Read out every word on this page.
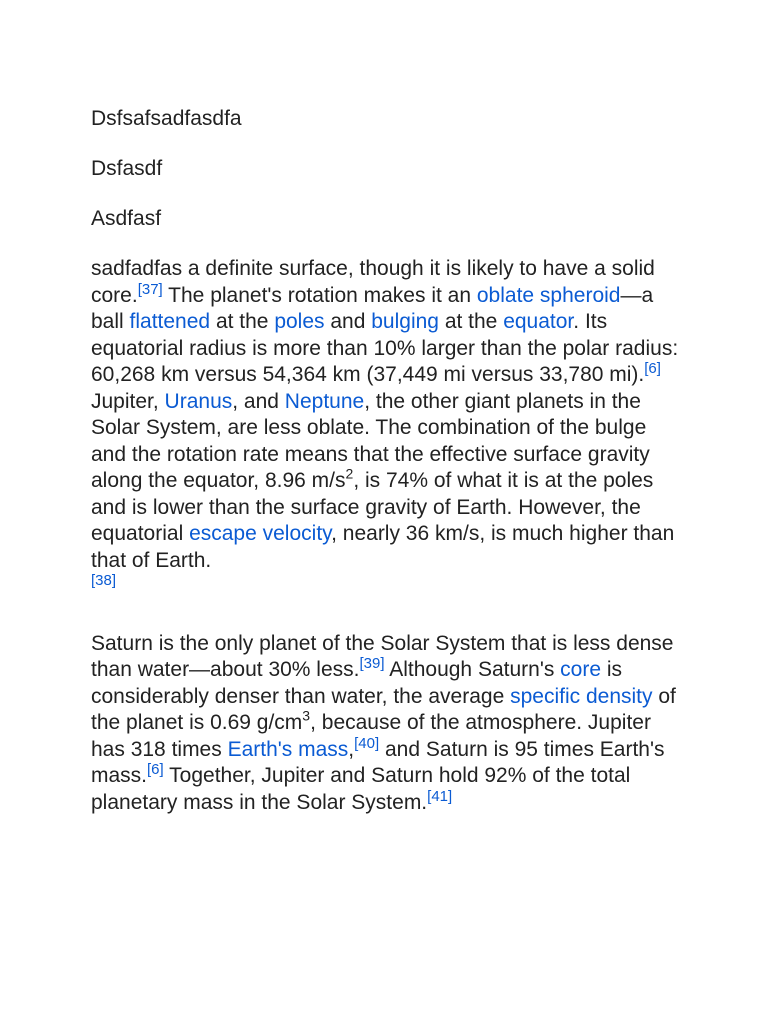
Dsfsafsadfasdfa

Dsfasdf

Asdfasf

sadfadfas a definite surface, though it is likely to have a solid core.[37] The planet's rotation makes it an oblate spheroid—a ball flattened at the poles and bulging at the equator. Its equatorial radius is more than 10% larger than the polar radius: 60,268 km versus 54,364 km (37,449 mi versus 33,780 mi).[6] Jupiter, Uranus, and Neptune, the other giant planets in the Solar System, are less oblate. The combination of the bulge and the rotation rate means that the effective surface gravity along the equator, 8.96 $m/s^2$, is 74% of what it is at the poles and is lower than the surface gravity of Earth. However, the equatorial escape velocity, nearly 36 km/s, is much higher than that of Earth.
[38]

Saturn is the only planet of the Solar System that is less dense than water—about 30% less.[39] Although Saturn's core is considerably denser than water, the average specific density of the planet is 0.69 $g/cm^3$, because of the atmosphere. Jupiter has 318 times Earth's mass,[40] and Saturn is 95 times Earth's mass.[6] Together, Jupiter and Saturn hold 92% of the total planetary mass in the Solar System.[41]
